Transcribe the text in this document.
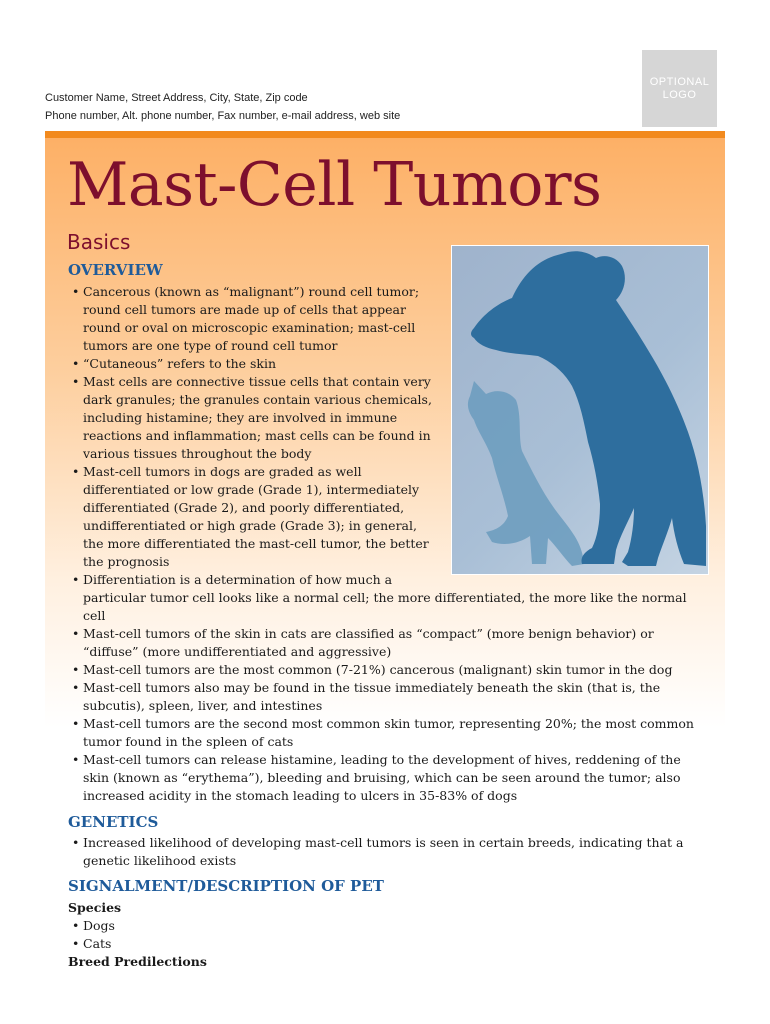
Customer Name, Street Address, City, State, Zip code
Phone number, Alt. phone number, Fax number, e-mail address, web site
OPTIONAL
LOGO
Mast-Cell Tumors
Basics
OVERVIEW
• Cancerous (known as “malignant”) round cell tumor;
round cell tumors are made up of cells that appear
round or oval on microscopic examination; mast-cell
tumors are one type of round cell tumor
• “Cutaneous” refers to the skin
• Mast cells are connective tissue cells that contain very
dark granules; the granules contain various chemicals,
including histamine; they are involved in immune
reactions and inflammation; mast cells can be found in
various tissues throughout the body
• Mast-cell tumors in dogs are graded as well
differentiated or low grade (Grade 1), intermediately
differentiated (Grade 2), and poorly differentiated,
undifferentiated or high grade (Grade 3); in general,
the more differentiated the mast-cell tumor, the better
the prognosis
• Differentiation is a determination of how much a
particular tumor cell looks like a normal cell; the more differentiated, the more like the normal
cell
• Mast-cell tumors of the skin in cats are classified as “compact” (more benign behavior) or
“diffuse” (more undifferentiated and aggressive)
• Mast-cell tumors are the most common (7-21%) cancerous (malignant) skin tumor in the dog
• Mast-cell tumors also may be found in the tissue immediately beneath the skin (that is, the
subcutis), spleen, liver, and intestines
• Mast-cell tumors are the second most common skin tumor, representing 20%; the most common
tumor found in the spleen of cats
• Mast-cell tumors can release histamine, leading to the development of hives, reddening of the
skin (known as “erythema”), bleeding and bruising, which can be seen around the tumor; also
increased acidity in the stomach leading to ulcers in 35-83% of dogs
GENETICS
• Increased likelihood of developing mast-cell tumors is seen in certain breeds, indicating that a
genetic likelihood exists
SIGNALMENT/DESCRIPTION OF PET
Species
• Dogs
• Cats
Breed Predilections
